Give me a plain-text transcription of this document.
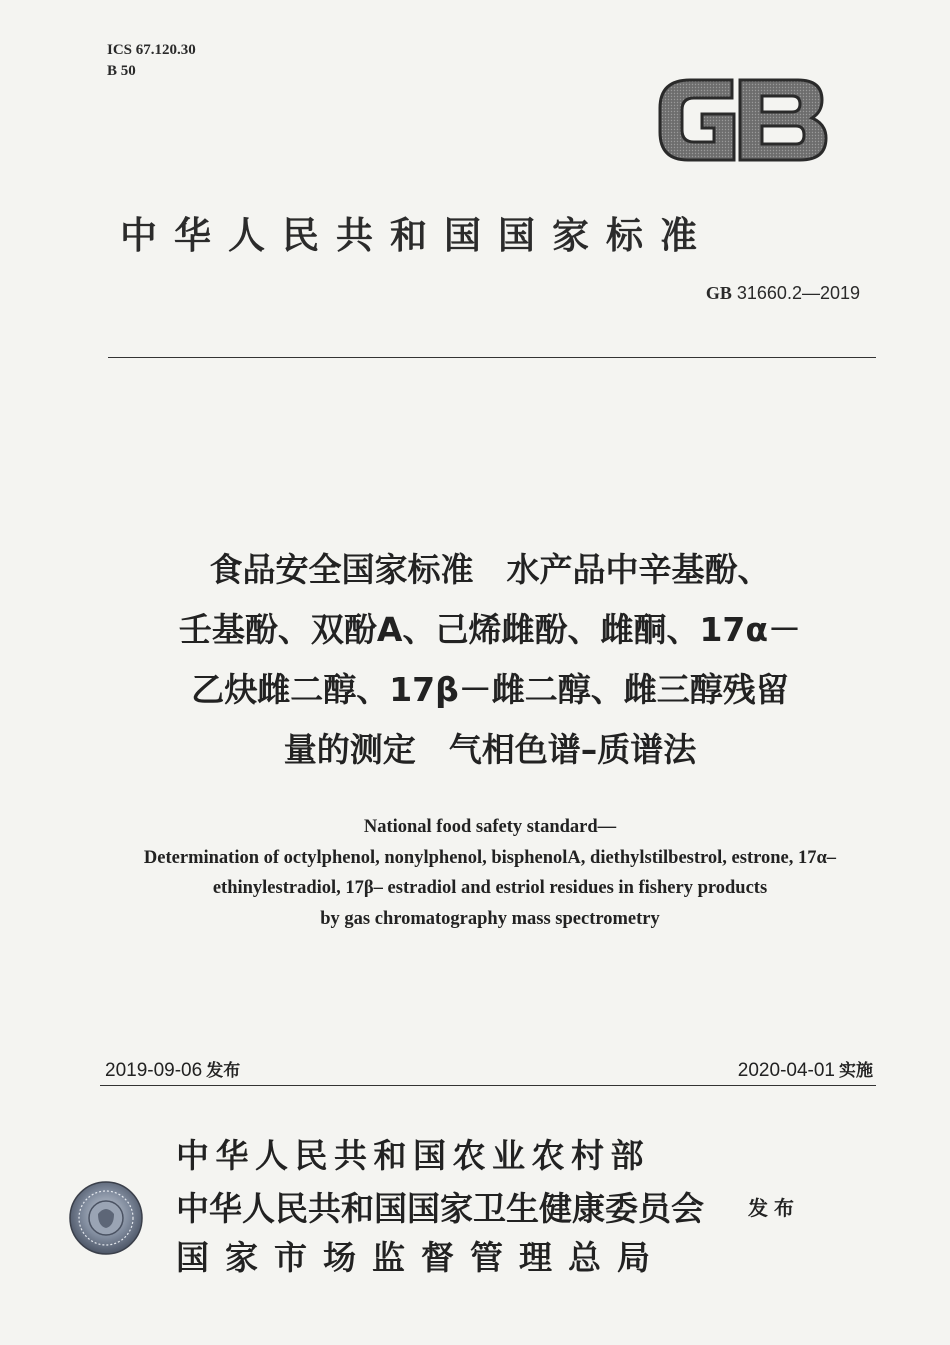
ICS 67.120.30
B 50
中华人民共和国国家标准
GB 31660.2—2019
食品安全国家标准　水产品中辛基酚、
壬基酚、双酚A、己烯雌酚、雌酮、17α－
乙炔雌二醇、17β－雌二醇、雌三醇残留
量的测定　气相色谱–质谱法
National food safety standard—
Determination of octylphenol, nonylphenol, bisphenolA, diethylstilbestrol, estrone, 17α–
ethinylestradiol, 17β– estradiol and estriol residues in fishery products
by gas chromatography mass spectrometry
2019-09-06 发布	2020-04-01 实施
中华人民共和国农业农村部
中华人民共和国国家卫生健康委员会
国家市场监督管理总局
发布
